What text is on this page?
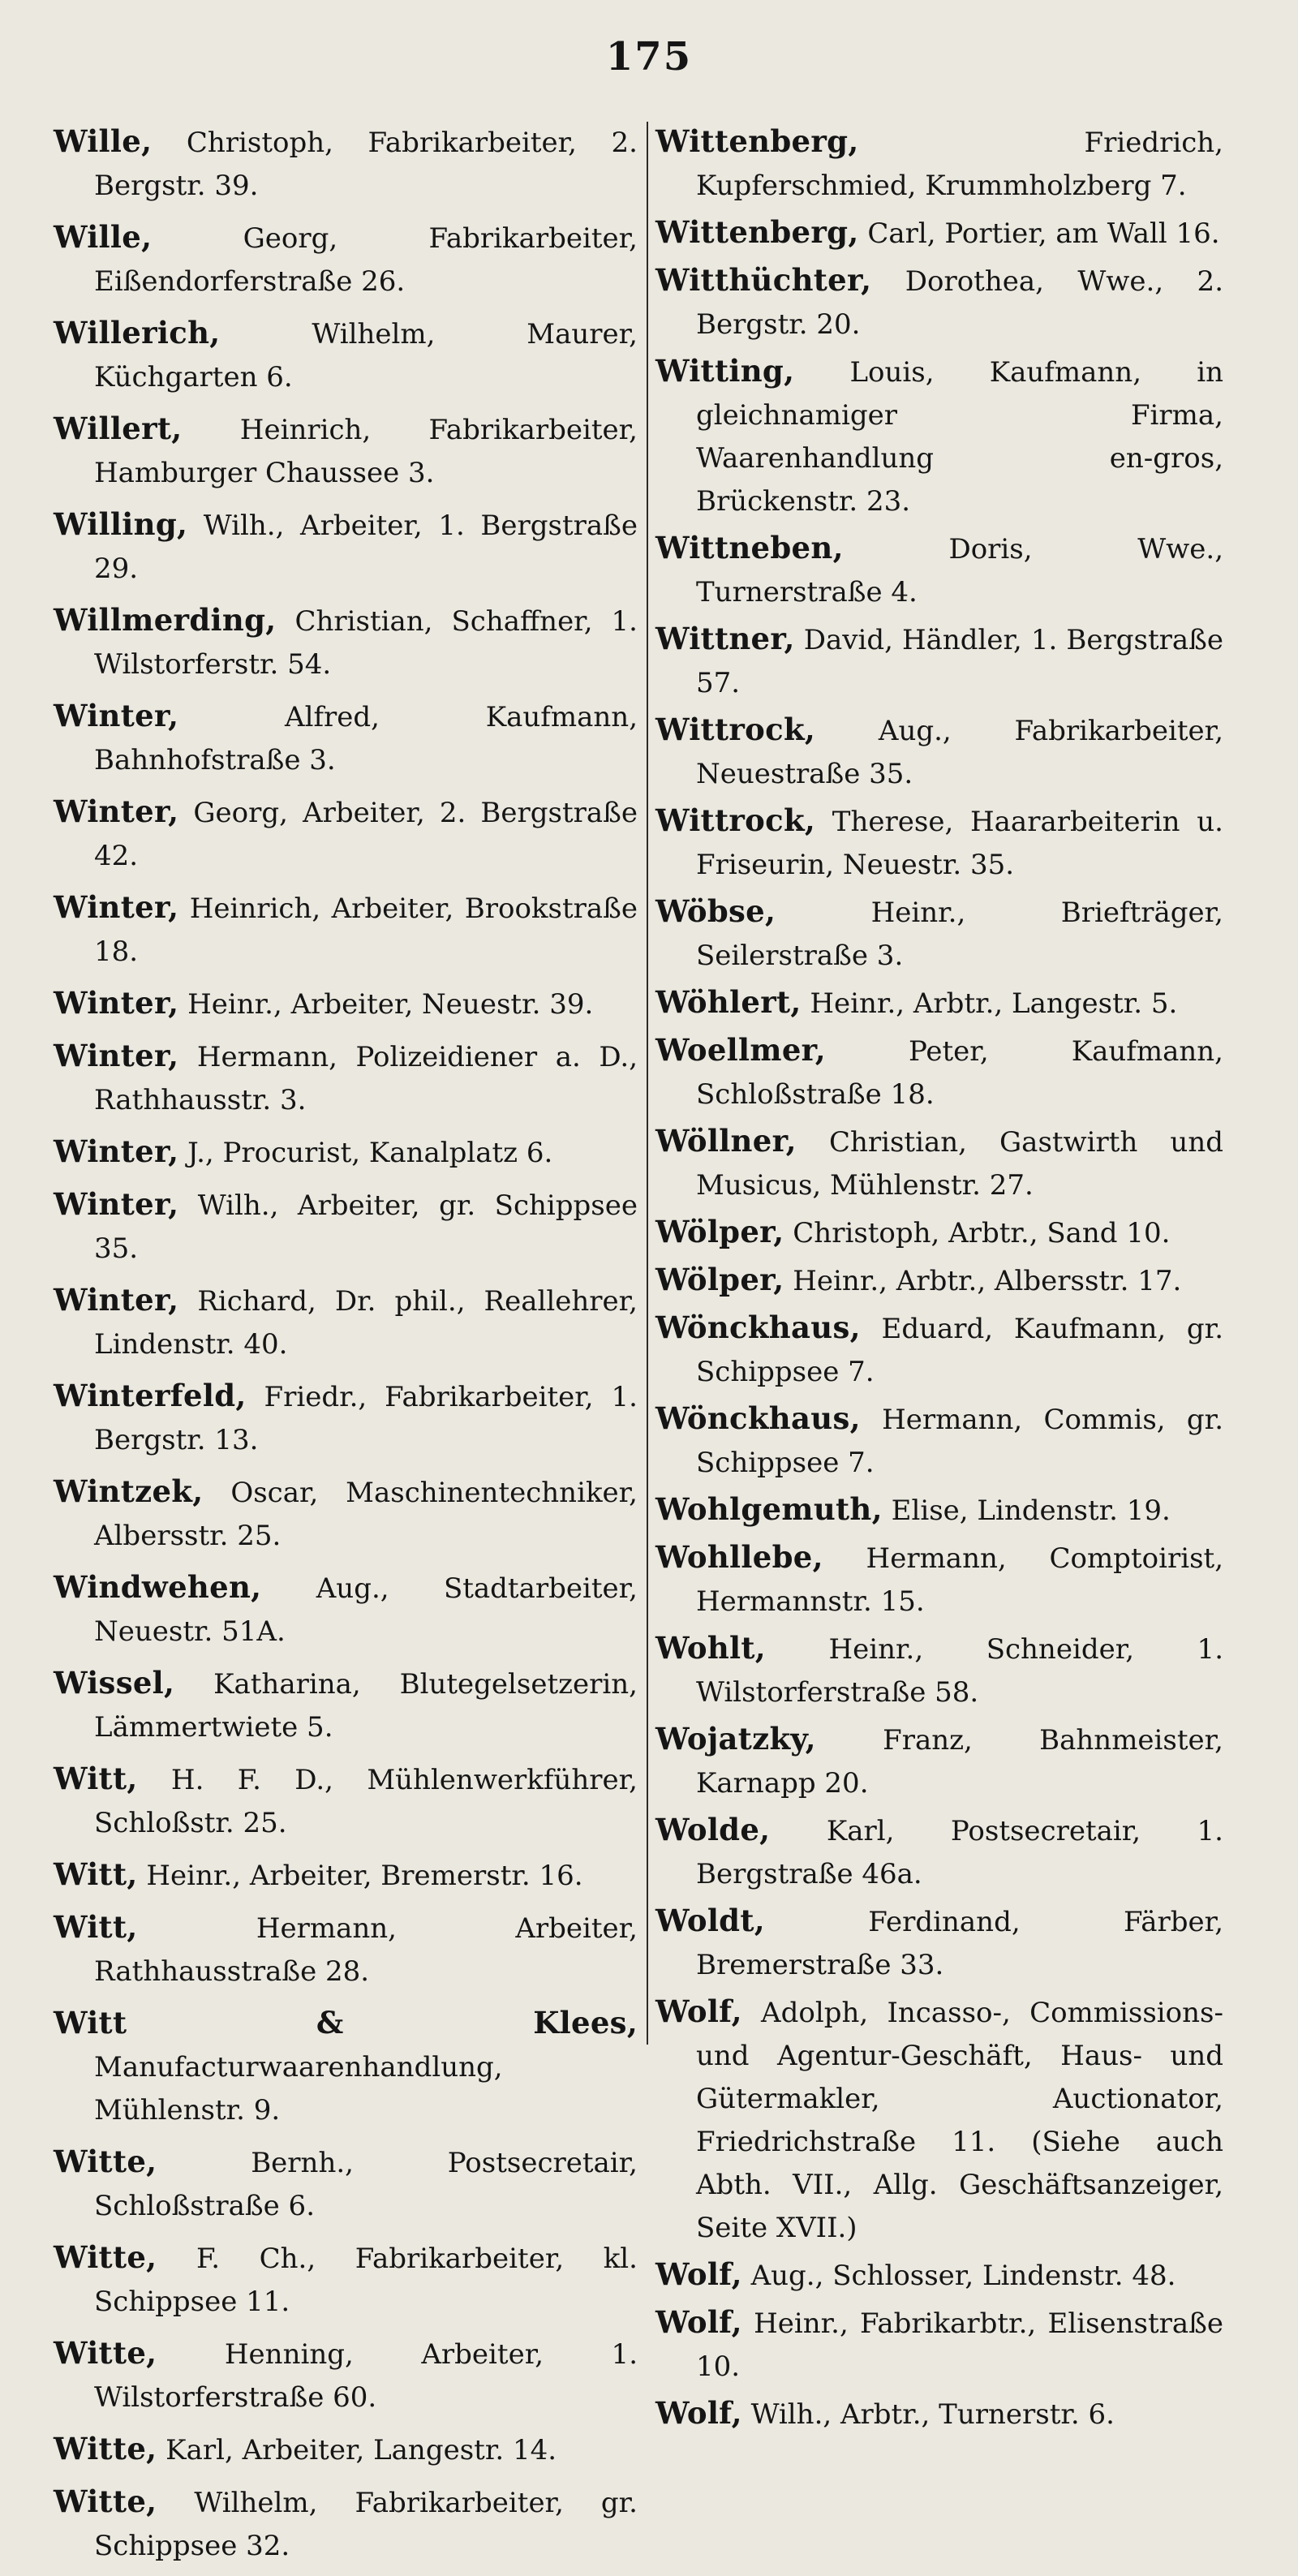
175
Wille, Christoph, Fabrikarbeiter, 2. Bergstr. 39.
Wille, Georg, Fabrikarbeiter, Eißendorferstraße 26.
Willerich, Wilhelm, Maurer, Küchgarten 6.
Willert, Heinrich, Fabrikarbeiter, Hamburger Chaussee 3.
Willing, Wilh., Arbeiter, 1. Bergstraße 29.
Willmerding, Christian, Schaffner, 1. Wilstorferstr. 54.
Winter, Alfred, Kaufmann, Bahnhofstraße 3.
Winter, Georg, Arbeiter, 2. Bergstraße 42.
Winter, Heinrich, Arbeiter, Brookstraße 18.
Winter, Heinr., Arbeiter, Neuestr. 39.
Winter, Hermann, Polizeidiener a. D., Rathhausstr. 3.
Winter, J., Procurist, Kanalplatz 6.
Winter, Wilh., Arbeiter, gr. Schippsee 35.
Winter, Richard, Dr. phil., Reallehrer, Lindenstr. 40.
Winterfeld, Friedr., Fabrikarbeiter, 1. Bergstr. 13.
Wintzek, Oscar, Maschinentechniker, Albersstr. 25.
Windwehen, Aug., Stadtarbeiter, Neuestr. 51A.
Wissel, Katharina, Blutegelsetzerin, Lämmertwiete 5.
Witt, H. F. D., Mühlenwerkführer, Schloßstr. 25.
Witt, Heinr., Arbeiter, Bremerstr. 16.
Witt, Hermann, Arbeiter, Rathhausstraße 28.
Witt & Klees, Manufacturwaarenhandlung, Mühlenstr. 9.
Witte, Bernh., Postsecretair, Schloßstraße 6.
Witte, F. Ch., Fabrikarbeiter, kl. Schippsee 11.
Witte, Henning, Arbeiter, 1. Wilstorferstraße 60.
Witte, Karl, Arbeiter, Langestr. 14.
Witte, Wilhelm, Fabrikarbeiter, gr. Schippsee 32.
Wittenberg, Friedrich, Kupferschmied, Krummholzberg 7.
Wittenberg, Carl, Portier, am Wall 16.
Witthüchter, Dorothea, Wwe., 2. Bergstr. 20.
Witting, Louis, Kaufmann, in gleichnamiger Firma, Waarenhandlung en-gros, Brückenstr. 23.
Wittneben, Doris, Wwe., Turnerstraße 4.
Wittner, David, Händler, 1. Bergstraße 57.
Wittrock, Aug., Fabrikarbeiter, Neuestraße 35.
Wittrock, Therese, Haararbeiterin u. Friseurin, Neuestr. 35.
Wöbse, Heinr., Briefträger, Seilerstraße 3.
Wöhlert, Heinr., Arbtr., Langestr. 5.
Woellmer, Peter, Kaufmann, Schloßstraße 18.
Wöllner, Christian, Gastwirth und Musicus, Mühlenstr. 27.
Wölper, Christoph, Arbtr., Sand 10.
Wölper, Heinr., Arbtr., Albersstr. 17.
Wönckhaus, Eduard, Kaufmann, gr. Schippsee 7.
Wönckhaus, Hermann, Commis, gr. Schippsee 7.
Wohlgemuth, Elise, Lindenstr. 19.
Wohllebe, Hermann, Comptoirist, Hermannstr. 15.
Wohlt, Heinr., Schneider, 1. Wilstorferstraße 58.
Wojatzky, Franz, Bahnmeister, Karnapp 20.
Wolde, Karl, Postsecretair, 1. Bergstraße 46a.
Woldt, Ferdinand, Färber, Bremerstraße 33.
Wolf, Adolph, Incasso-, Commissions- und Agentur-Geschäft, Haus- und Gütermakler, Auctionator, Friedrichstraße 11. (Siehe auch Abth. VII., Allg. Geschäftsanzeiger, Seite XVII.)
Wolf, Aug., Schlosser, Lindenstr. 48.
Wolf, Heinr., Fabrikarbtr., Elisenstraße 10.
Wolf, Wilh., Arbtr., Turnerstr. 6.
